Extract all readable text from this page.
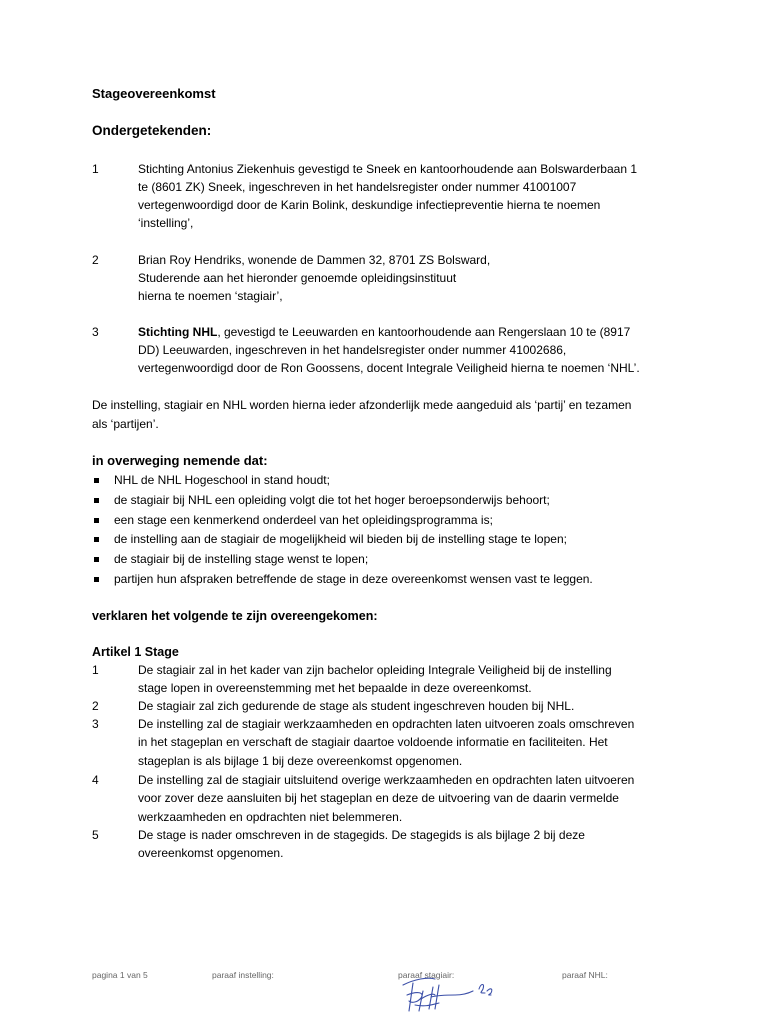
Stageovereenkomst
Ondergetekenden:
1	Stichting Antonius Ziekenhuis gevestigd te Sneek en kantoorhoudende aan Bolswarderbaan 1

te (8601 ZK) Sneek, ingeschreven in het handelsregister onder nummer 41001007

vertegenwoordigd door de Karin Bolink, deskundige infectiepreventie hierna te noemen

‘instelling’,

2	Brian Roy Hendriks, wonende de Dammen 32, 8701 ZS Bolsward,

Studerende aan het hieronder genoemde opleidingsinstituut

hierna te noemen ‘stagiair’,

3	Stichting NHL, gevestigd te Leeuwarden en kantoorhoudende aan Rengerslaan 10 te (8917

DD) Leeuwarden, ingeschreven in het handelsregister onder nummer 41002686,

vertegenwoordigd door de Ron Goossens, docent Integrale Veiligheid hierna te noemen ‘NHL’.

De instelling, stagiair en NHL worden hierna ieder afzonderlijk mede aangeduid als ‘partij’ en tezamen

als ‘partijen’.

in overweging nemende dat:
NHL de NHL Hogeschool in stand houdt;
de stagiair bij NHL een opleiding volgt die tot het hoger beroepsonderwijs behoort;
een stage een kenmerkend onderdeel van het opleidingsprogramma is;
de instelling aan de stagiair de mogelijkheid wil bieden bij de instelling stage te lopen;
de stagiair bij de instelling stage wenst te lopen;
partijen hun afspraken betreffende de stage in deze overeenkomst wensen vast te leggen.
verklaren het volgende te zijn overeengekomen:
Artikel 1 Stage
1	De stagiair zal in het kader van zijn bachelor opleiding Integrale Veiligheid bij de instelling

stage lopen in overeenstemming met het bepaalde in deze overeenkomst.

2	De stagiair zal zich gedurende de stage als student ingeschreven houden bij NHL.

3	De instelling zal de stagiair werkzaamheden en opdrachten laten uitvoeren zoals omschreven

in het stageplan en verschaft de stagiair daartoe voldoende informatie en faciliteiten. Het

stageplan is als bijlage 1 bij deze overeenkomst opgenomen.

4	De instelling zal de stagiair uitsluitend overige werkzaamheden en opdrachten laten uitvoeren

voor zover deze aansluiten bij het stageplan en deze de uitvoering van de daarin vermelde

werkzaamheden en opdrachten niet belemmeren.

5	De stage is nader omschreven in de stagegids. De stagegids is als bijlage 2 bij deze

overeenkomst opgenomen.

pagina 1 van 5	paraaf instelling:	paraaf stagiair:	paraaf NHL:
